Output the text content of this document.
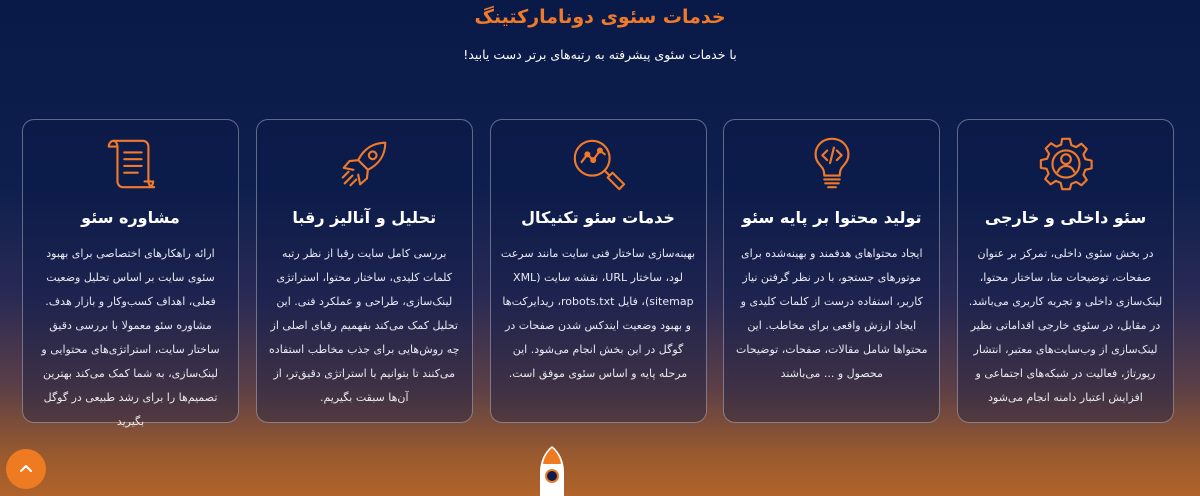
خدمات سئوی دونامارکتینگ
با خدمات سئوی پیشرفته به رتبه‌های برتر دست یابید!
سئو داخلی و خارجی
در بخش سئوی داخلی، تمرکز بر عنوان صفحات، توضیحات متا، ساختار محتوا، لینک‌سازی داخلی و تجربه کاربری می‌باشد. در مقابل، در سئوی خارجی اقداماتی نظیر لینک‌سازی از وب‌سایت‌های معتبر، انتشار رپورتاژ، فعالیت در شبکه‌های اجتماعی و افزایش اعتبار دامنه انجام می‌شود
تولید محتوا بر پایه سئو
ایجاد محتواهای هدفمند و بهینه‌شده برای موتورهای جستجو، با در نظر گرفتن نیاز کاربر، استفاده درست از کلمات کلیدی و ایجاد ارزش واقعی برای مخاطب. این محتواها شامل مقالات، صفحات، توضیحات محصول و ... می‌باشند
خدمات سئو تکنیکال
بهینه‌سازی ساختار فنی سایت مانند سرعت لود، ساختار URL، نقشه سایت (XML sitemap)، فایل robots.txt، ریدایرکت‌ها و بهبود وضعیت ایندکس شدن صفحات در گوگل در این بخش انجام می‌شود. این مرحله پایه و اساس سئوی موفق است.
تحلیل و آنالیز رقبا
بررسی کامل سایت رقبا از نظر رتبه کلمات کلیدی، ساختار محتوا، استراتژی لینک‌سازی، طراحی و عملکرد فنی. این تحلیل کمک می‌کند بفهمیم رقبای اصلی از چه روش‌هایی برای جذب مخاطب استفاده می‌کنند تا بتوانیم با استراتژی دقیق‌تر، از آن‌ها سبقت بگیریم.
مشاوره سئو
ارائه راهکارهای اختصاصی برای بهبود سئوی سایت بر اساس تحلیل وضعیت فعلی، اهداف کسب‌وکار و بازار هدف. مشاوره سئو معمولا با بررسی دقیق ساختار سایت، استراتژی‌های محتوایی و لینک‌سازی، به شما کمک می‌کند بهترین تصمیم‌ها را برای رشد طبیعی در گوگل بگیرید
